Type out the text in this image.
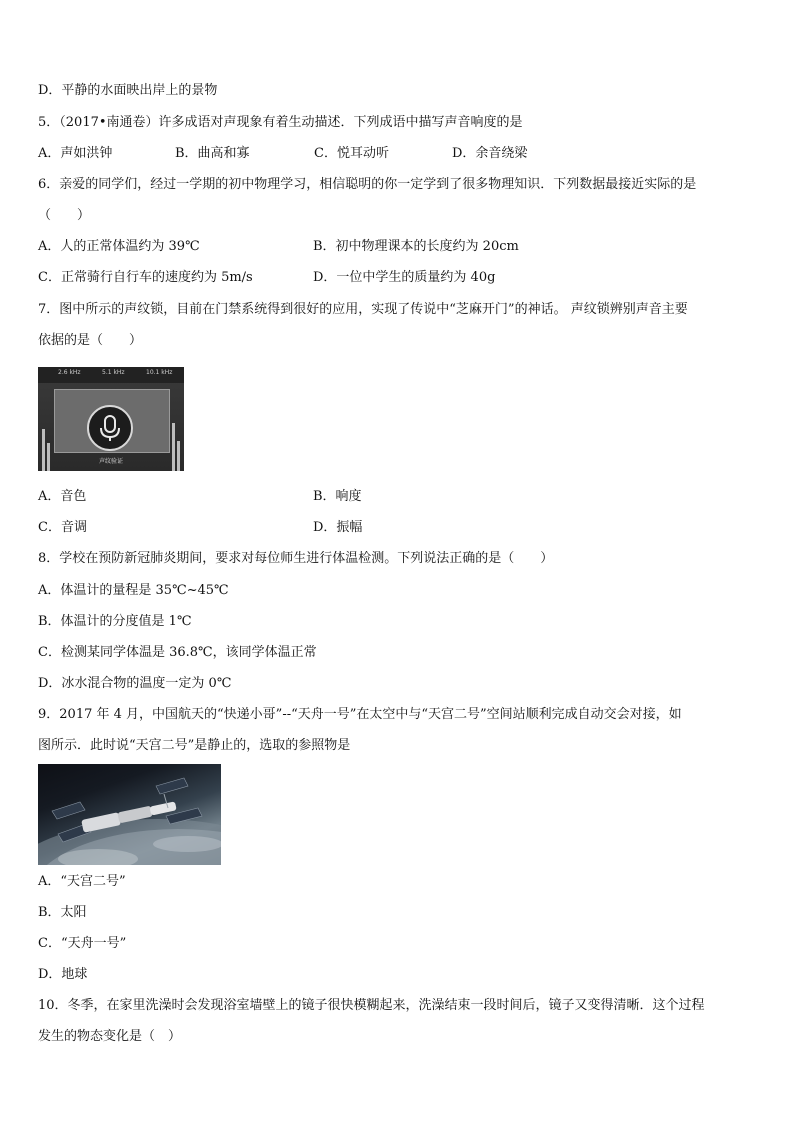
D．平静的水面映出岸上的景物
5．（2017•南通卷）许多成语对声现象有着生动描述．下列成语中描写声音响度的是
A．声如洪钟	B．曲高和寡	C．悦耳动听	D．余音绕梁
6．亲爱的同学们，经过一学期的初中物理学习，相信聪明的你一定学到了很多物理知识．下列数据最接近实际的是
（　　）
A．人的正常体温约为 39℃	B．初中物理课本的长度约为 20cm
C．正常骑行自行车的速度约为 5m/s	D．一位中学生的质量约为 40g
7．图中所示的声纹锁，目前在门禁系统得到很好的应用，实现了传说中“芝麻开门”的神话。 声纹锁辨别声音主要
依据的是（　　）
2.6 kHz	5.1 kHz	10.1 kHz
声纹验证
A．音色	B．响度
C．音调	D．振幅
8．学校在预防新冠肺炎期间，要求对每位师生进行体温检测。下列说法正确的是（　　）
A．体温计的量程是 35℃~45℃
B．体温计的分度值是 1℃
C．检测某同学体温是 36.8℃，该同学体温正常
D．冰水混合物的温度一定为 0℃
9．2017 年 4 月，中国航天的“快递小哥”--“天舟一号”在太空中与“天宫二号”空间站顺利完成自动交会对接，如
图所示．此时说“天宫二号”是静止的，选取的参照物是
A．“天宫二号”
B．太阳
C．“天舟一号”
D．地球
10．冬季，在家里洗澡时会发现浴室墙壁上的镜子很快模糊起来，洗澡结束一段时间后，镜子又变得清晰．这个过程
发生的物态变化是（　）
